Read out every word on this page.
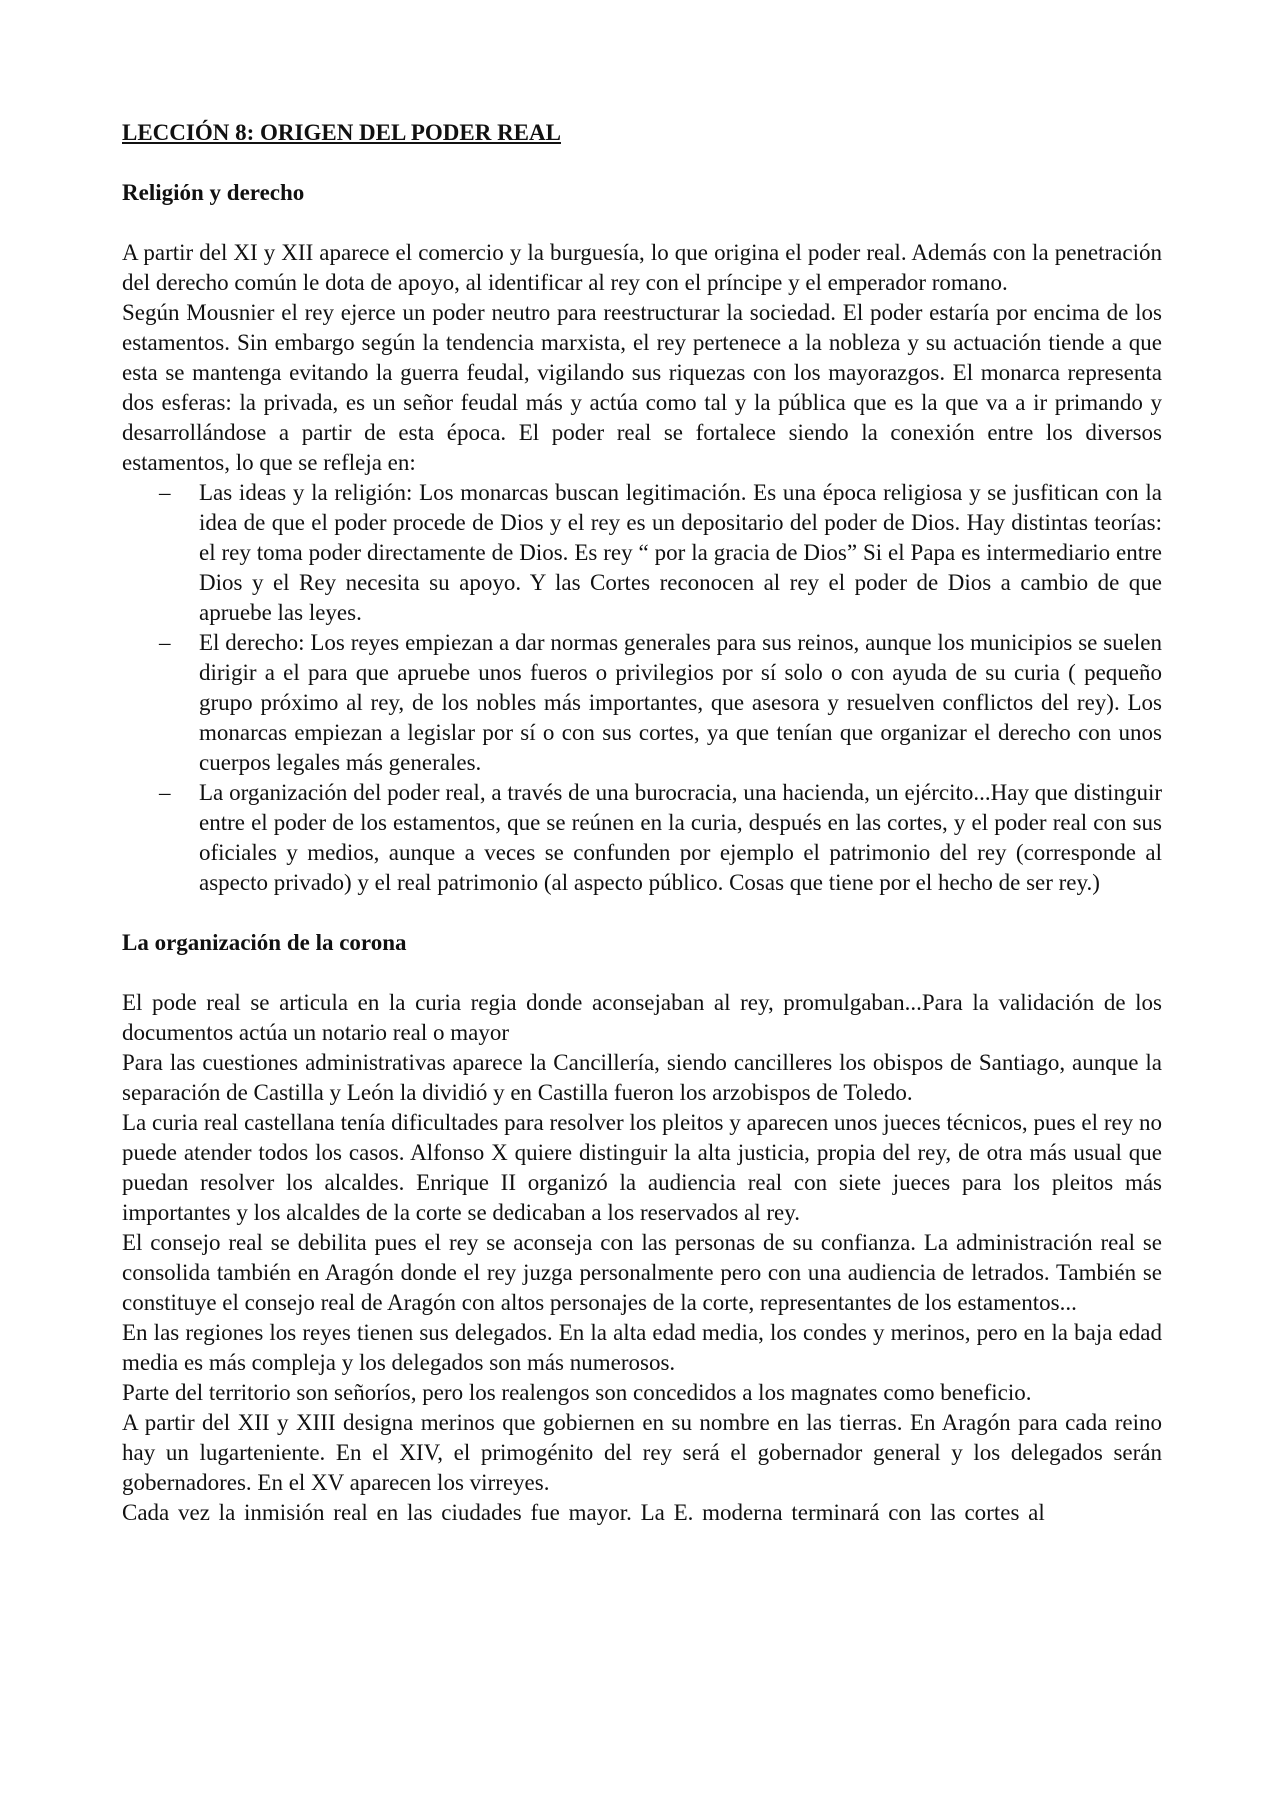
LECCIÓN 8: ORIGEN DEL PODER REAL
Religión y derecho

A partir del XI y XII aparece el comercio y la burguesía, lo que origina el poder real. Además con la penetración del derecho común le dota de apoyo, al identificar al rey con el príncipe y el emperador romano.

Según Mousnier el rey ejerce un poder neutro para reestructurar la sociedad. El poder estaría por encima de los estamentos. Sin embargo según la tendencia marxista, el rey pertenece a la nobleza y su actuación tiende a que esta se mantenga evitando la guerra feudal, vigilando sus riquezas con los mayorazgos. El monarca representa dos esferas: la privada, es un señor feudal más y actúa como tal y la pública que es la que va a ir primando y desarrollándose a partir de esta época. El poder real se fortalece siendo la conexión entre los diversos estamentos, lo que se refleja en:

– Las ideas y la religión: Los monarcas buscan legitimación. Es una época religiosa y se jusfitican con la idea de que el poder procede de Dios y el rey es un depositario del poder de Dios. Hay distintas teorías: el rey toma poder directamente de Dios. Es rey “ por la gracia de Dios” Si el Papa es intermediario entre Dios y el Rey necesita su apoyo. Y las Cortes reconocen al rey el poder de Dios a cambio de que apruebe las leyes.
– El derecho: Los reyes empiezan a dar normas generales para sus reinos, aunque los municipios se suelen dirigir a el para que apruebe unos fueros o privilegios por sí solo o con ayuda de su curia ( pequeño grupo próximo al rey, de los nobles más importantes, que asesora y resuelven conflictos del rey). Los monarcas empiezan a legislar por sí o con sus cortes, ya que tenían que organizar el derecho con unos cuerpos legales más generales.
– La organización del poder real, a través de una burocracia, una hacienda, un ejército...Hay que distinguir entre el poder de los estamentos, que se reúnen en la curia, después en las cortes, y el poder real con sus oficiales y medios, aunque a veces se confunden por ejemplo el patrimonio del rey (corresponde al aspecto privado) y el real patrimonio (al aspecto público. Cosas que tiene por el hecho de ser rey.)
La organización de la corona

El pode real se articula en la curia regia donde aconsejaban al rey, promulgaban...Para la validación de los documentos actúa un notario real o mayor

Para las cuestiones administrativas aparece la Cancillería, siendo cancilleres los obispos de Santiago, aunque la separación de Castilla y León la dividió y en Castilla fueron los arzobispos de Toledo.

La curia real castellana tenía dificultades para resolver los pleitos y aparecen unos jueces técnicos, pues el rey no puede atender todos los casos. Alfonso X quiere distinguir la alta justicia, propia del rey, de otra más usual que puedan resolver los alcaldes. Enrique II organizó la audiencia real con siete jueces para los pleitos más importantes y los alcaldes de la corte se dedicaban a los reservados al rey.

El consejo real se debilita pues el rey se aconseja con las personas de su confianza. La administración real se consolida también en Aragón donde el rey juzga personalmente pero con una audiencia de letrados. También se constituye el consejo real de Aragón con altos personajes de la corte, representantes de los estamentos...

En las regiones los reyes tienen sus delegados. En la alta edad media, los condes y merinos, pero en la baja edad media es más compleja y los delegados son más numerosos.

Parte del territorio son señoríos, pero los realengos son concedidos a los magnates como beneficio.

A partir del XII y XIII designa merinos que gobiernen en su nombre en las tierras. En Aragón para cada reino hay un lugarteniente. En el XIV, el primogénito del rey será el gobernador general y los delegados serán gobernadores. En el XV aparecen los virreyes.

Cada vez la inmisión real en las ciudades fue mayor. La E. moderna terminará con las cortes al
